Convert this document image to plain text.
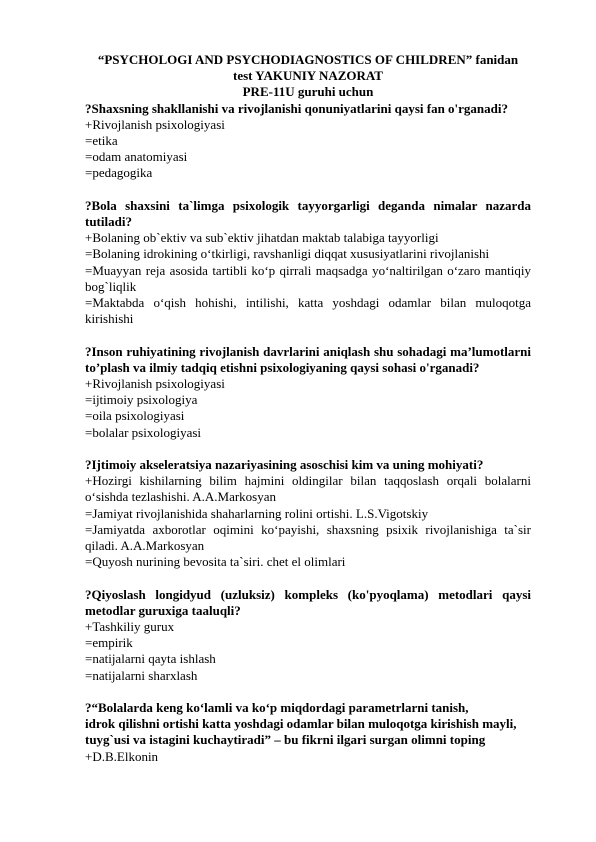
“PSYCHOLOGI AND PSYCHODIAGNOSTICS OF CHILDREN” fanidan
test YAKUNIY NAZORAT
PRE-11U guruhi uchun
?Shaxsning shakllanishi va rivojlanishi qonuniyatlarini qaysi fan o'rganadi?
+Rivojlanish psixologiyasi
=etika
=odam anatomiyasi
=pedagogika
?Bola shaxsini ta`limga psixologik tayyorgarligi deganda nimalar nazarda tutiladi?
+Bolaning ob`ektiv va sub`ektiv jihatdan maktab talabiga tayyorligi
=Bolaning idrokining o‘tkirligi, ravshanligi diqqat xususiyatlarini rivojlanishi
=Muayyan reja asosida tartibli ko‘p qirrali maqsadga yo‘naltirilgan o‘zaro mantiqiy bog`liqlik
=Maktabda o‘qish hohishi, intilishi, katta yoshdagi odamlar bilan muloqotga kirishishi
?Inson ruhiyatining rivojlanish davrlarini aniqlash shu sohadagi ma’lumotlarni to’plash va ilmiy tadqiq etishni psixologiyaning qaysi sohasi o'rganadi?
+Rivojlanish psixologiyasi
=ijtimoiy psixologiya
=oila psixologiyasi
=bolalar psixologiyasi
?Ijtimoiy akseleratsiya nazariyasining asoschisi kim va uning mohiyati?
+Hozirgi kishilarning bilim hajmini oldingilar bilan taqqoslash orqali bolalarni o‘sishda tezlashishi. A.A.Markosyan
=Jamiyat rivojlanishida shaharlarning rolini ortishi. L.S.Vigotskiy
=Jamiyatda axborotlar oqimini ko‘payishi, shaxsning psixik rivojlanishiga ta`sir qiladi. A.A.Markosyan
=Quyosh nurining bevosita ta`siri. chet el olimlari
?Qiyoslash longidyud (uzluksiz) kompleks (ko'pyoqlama) metodlari qaysi metodlar guruxiga taaluqli?
+Tashkiliy gurux
=empirik
=natijalarni qayta ishlash
=natijalarni sharxlash
?“Bolalarda keng ko‘lamli va ko‘p miqdordagi parametrlarni tanish,
idrok qilishni ortishi katta yoshdagi odamlar bilan muloqotga kirishish mayli,
tuyg`usi va istagini kuchaytiradi” – bu fikrni ilgari surgan olimni toping
+D.B.Elkonin
